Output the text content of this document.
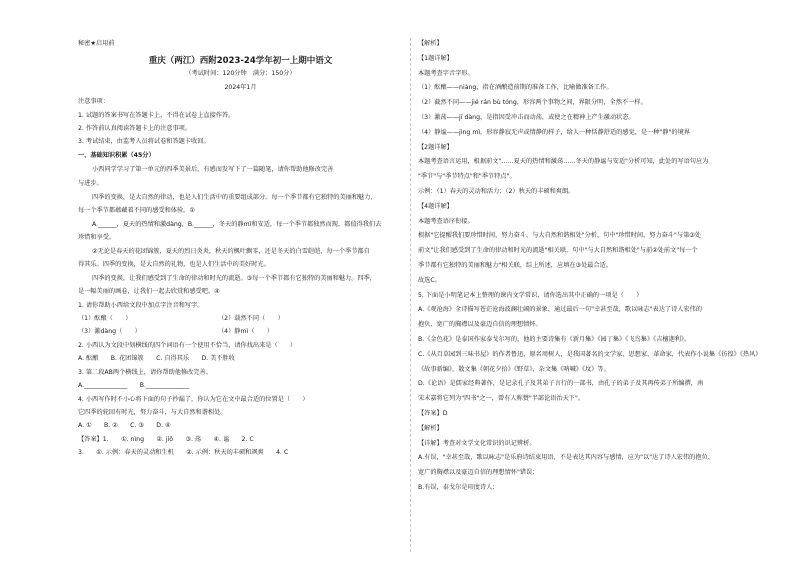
秘密★启用前
重庆（两江）西附2023-24学年初一上期中语文
（考试时间：120分钟　满分：150分）
2024年1月
注意事项：
1. 试题的答案书写在答题卡上，不得在试卷上直接作答。
2. 作答前认真阅读答题卡上的注意事项。
3. 考试结束，由监考人员将试卷和答题卡收回。
一、基础知识积累（45分）
小西同学学习了第一单元的四季美景后，有感而发写下了一篇随笔，请你帮助他修改完善
与进步。
四季的变换，是大自然的律动，也是人们生活中的重要组成部分。每一个季节都有它独特的美丽和魅力，
每一个季节都蕴藏着不同的感受和体验。①
A.______，夏天的热情和激dàng，B.______，冬天的静mì和安适，每一个季节都独然而现，都值得我们去
珍惜和享受。
②无论是春天的花团锦簇，夏天的烈日炎炎，秋天的枫叶飘零，还是冬天的白雪皑皑，每一个季节都自
得其乐。四季的变换，是大自然的礼物，也是人们生活中的美好时光。
四季的变换，让我们感受到了生命的律动和时光的流逝。③每一个季节都有它独特的美丽和魅力。四季，
是一幅美丽的画卷，让我们一起去欣赏和感受吧。④
1. 请你帮助小西给文段中加点字注音和写字。
（1）酝酿（　　）	（2）载然不同（　　）
（3）激dàng（　　）	（4）静mì（　　）
2. 小西认为文段中划横线的四个词语有一个使用不恰当，请你找出来是（　　）
A. 酝酿　　B. 花团锦簇　　C. 自得其乐　　D. 美不胜收
3. 第二段AB两个横线上，请你帮助他修改完善。
A.______________　　B.______________
4. 小西写作时不小心将下面的句子抄漏了，你认为它在文中最合适的位置是（　　）
它四季的轮回有时光，努力奋斗，与大自然和谐相处。
A. ①　　B. ②　　C. ③　　D. ④
【答案】1.　　①. nìng　　②. jiǒ　　③. 荡　　④. 谧　　2. C
3.　　①. 示例：春天的灵动和生机　　②. 示例：秋天的丰硕和飒爽　　4. C
【解析】
【1题详解】
本题考查字音字形。
（1）酝酿——niàng，指在酒酿造前期的准备工作，比喻做准备工作。
（2）截然不同——jié rán bù tóng，形容两个事物之间，界限分明，全然不一样。
（3）激荡——jī dàng，是指因受冲击而动荡，或使之在精神上产生激动状态。
（4）静谧——jìng mì，形容静寂无声或情静的样子，给人一种恬静舒适的感觉，是一种"静"的境界
【2题详解】
本题考查语言运用，根据前文"……夏天的热情和激荡……冬天的静谧与安适"分析可知，此处的写语句应为
"季节"与"季节特点"和"季节特点"。
示例：（1）春天的灵动和活力；（2）秋天的丰硕和爽朗。
【4题详解】
本题考查语序衔接。
根据"它提醒我们要珍惜时间，努力奋斗，与大自然和谐相处"分析，句中"珍惜时间，努力奋斗"与第③处
前文"让我们感受到了生命的律动和时光的流逝"相关联，句中"与大自然和谐相处"与前②处前文"每一个
季节都有它独特的美丽和魅力"相关联，综上所述，应填在③处最合适。
故选C。
5. 下面是小明笔记本上整理的课内文学常识，请你选出其中正确的一项是（　　）
A.《观沧海》全诗描写苍茫沧海波澜壮阔的景象，通过最后一句"幸甚至哉，歌以咏志"表达了诗人宏伟的
抱负、宽广的胸襟以及豪迈自信的理想情怀。
B.《金色花》是泰国作家泰戈尔写的，他的主要诗集有《新月集》《园丁集》《飞鸟集》《吉檀迦利》。
C.《从百草园到三味书屋》的作者鲁迅，原名周树人，是我国著名的文学家、思想家、革命家，代表作小说集《彷徨》《热风》
《故事新编》，散文集《朝花夕拾》《野草》，杂文集《呐喊》《坟》等。
D.《论语》是儒家经典著作，是记录孔子及其弟子言行的一部书，由孔子的弟子及其再传弟子所编撰，南
宋末嘉将它列为"四书"之一，曾有人称赞"半部论语治天下"。
【答案】D
【解析】
【详解】考查对文学文化常识的识记辨析。
A.有误，"幸甚至哉，歌以咏志"是乐府诗结束用语，不是表达其内容与感情，应为"以"达了诗人宏伟的抱负、
宽广的胸襟以及豪迈自信的理想情怀"错误；
B.有误，泰戈尔是印度诗人；
